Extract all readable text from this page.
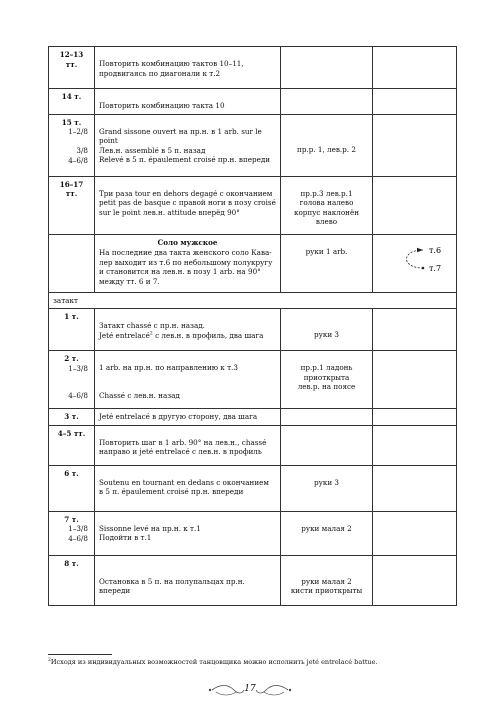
12–13 тт.	Повторить комбинацию тактов 10–11,
продвигаясь по диагонали к т.2		

14 т.	Повторить комбинацию такта 10		

15 т.
1–2/8

3/8
4–6/8	Grand sissone ouvert на пр.н. в 1 arb. sur le
point
Лев.н. assemblé в 5 п. назад
Relevé в 5 п. épaulement croisé пр.н. впереди	пр.р. 1, лев.р. 2	

16–17 тт.	Три раза tour en dehors degagé с окончанием
petit pas de basque с правой ноги в позу croisé
sur le point лев.н. attitude вперёд 90°	пр.р.3 лев.р.1
голова налево
корпус наклонён
влево	

	Соло мужское
На последние два такта женского соло Кава-
лер выходит из т.6 по небольшому полукругу
и становится на лев.н. в позу 1 arb. на 90°
между тт. 6 и 7.	руки 1 arb.	т.6
т.7

затакт			

1 т.	Затакт chassé с пр.н. назад.
Jeté entrelacé$^2$ с лев.н. в профиль, два шага	руки 3	

2 т.
1–3/8
4–6/8	1 arb. на пр.н. по направлению к т.3
Chassé с лев.н. назад	пр.р.1 ладонь
приоткрыта
лев.р. на поясе	

3 т.	Jeté entrelacé в другую сторону, два шага		

4–5 тт.	Повторить шаг в 1 arb. 90° на лев.н., chassé
направо и jeté entrelacé с лев.н. в профиль		

6 т.	Soutenu en tournant en dedans с окончанием
в 5 п. épaulement croisé пр.н. впереди	руки 3	

7 т.
1–3/8
4–6/8	Sissonne levé на пр.н. к т.1
Подойти в т.1	руки малая 2	

8 т.	Остановка в 5 п. на полупальцах пр.н. впереди	руки малая 2
кисти приоткрыты	

$^2$Исходя из индивидуальных возможностей танцовщика можно исполнить jeté entrelacé battue.
17
